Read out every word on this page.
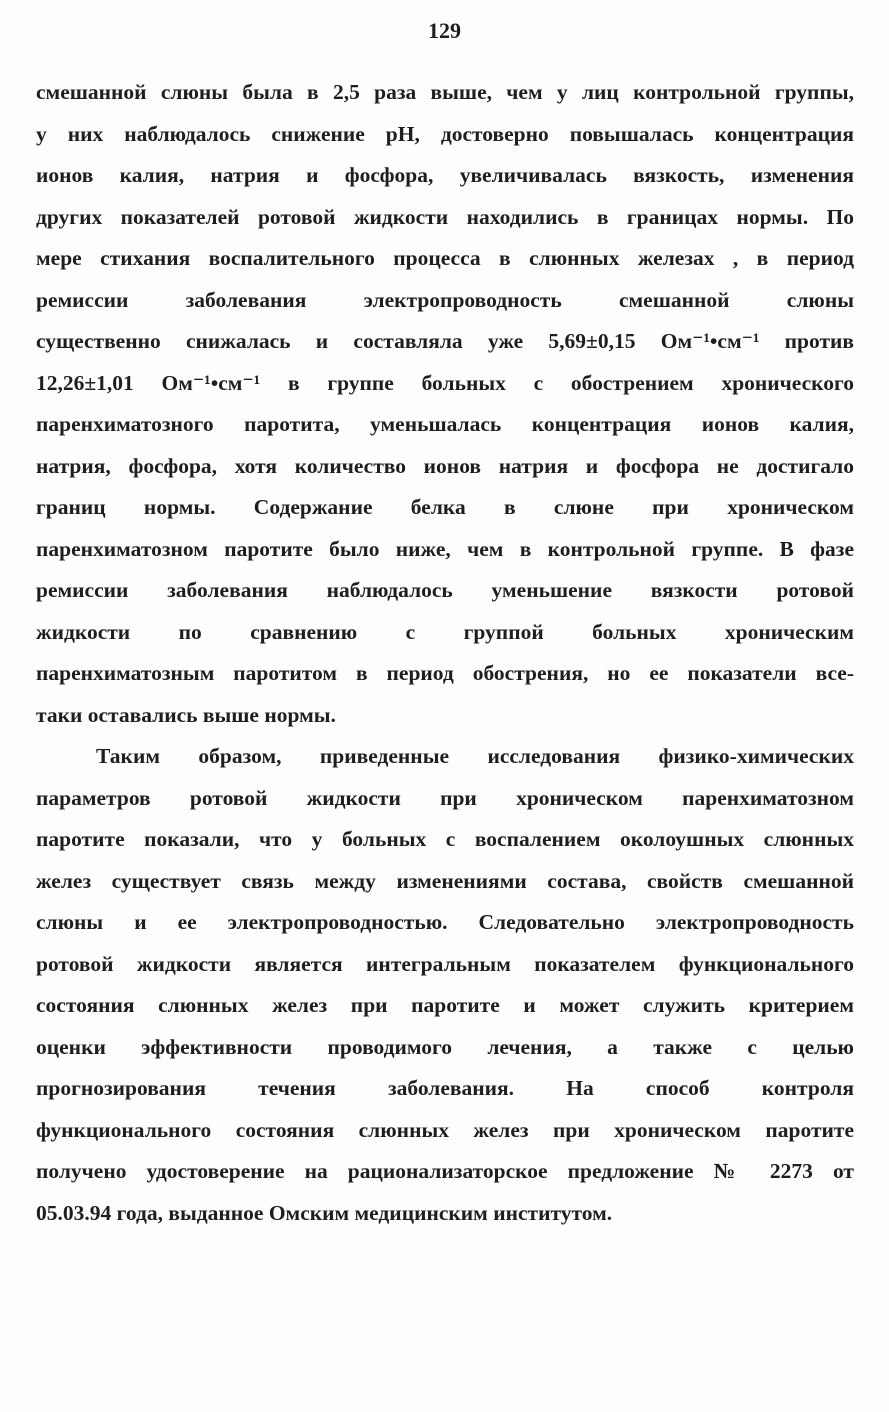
129

смешанной слюны была в 2,5 раза выше, чем у лиц контрольной группы,
у них наблюдалось снижение pH, достоверно повышалась концентрация
ионов калия, натрия и фосфора, увеличивалась вязкость, изменения
других показателей ротовой жидкости находились в границах нормы. По
мере стихания воспалительного процесса в слюнных железах , в период
ремиссии заболевания электропроводность смешанной слюны
существенно снижалась и составляла уже 5,69±0,15 Ом⁻¹•см⁻¹ против
12,26±1,01 Ом⁻¹•см⁻¹ в группе больных с обострением хронического
паренхиматозного паротита, уменьшалась концентрация ионов калия,
натрия, фосфора, хотя количество ионов натрия и фосфора не достигало
границ нормы. Содержание белка в слюне при хроническом
паренхиматозном паротите было ниже, чем в контрольной группе. В фазе
ремиссии заболевания наблюдалось уменьшение вязкости ротовой
жидкости по сравнению с группой больных хроническим
паренхиматозным паротитом в период обострения, но ее показатели все-
таки оставались выше нормы.

Таким образом, приведенные исследования физико-химических
параметров ротовой жидкости при хроническом паренхиматозном
паротите показали, что у больных с воспалением околоушных слюнных
желез существует связь между изменениями состава, свойств смешанной
слюны и ее электропроводностью. Следовательно электропроводность
ротовой жидкости является интегральным показателем функционального
состояния слюнных желез при паротите и может служить критерием
оценки эффективности проводимого лечения, а также с целью
прогнозирования течения заболевания. На способ контроля
функционального состояния слюнных желез при хроническом паротите
получено удостоверение на рационализаторское предложение № 2273 от
05.03.94 года, выданное Омским медицинским институтом.
